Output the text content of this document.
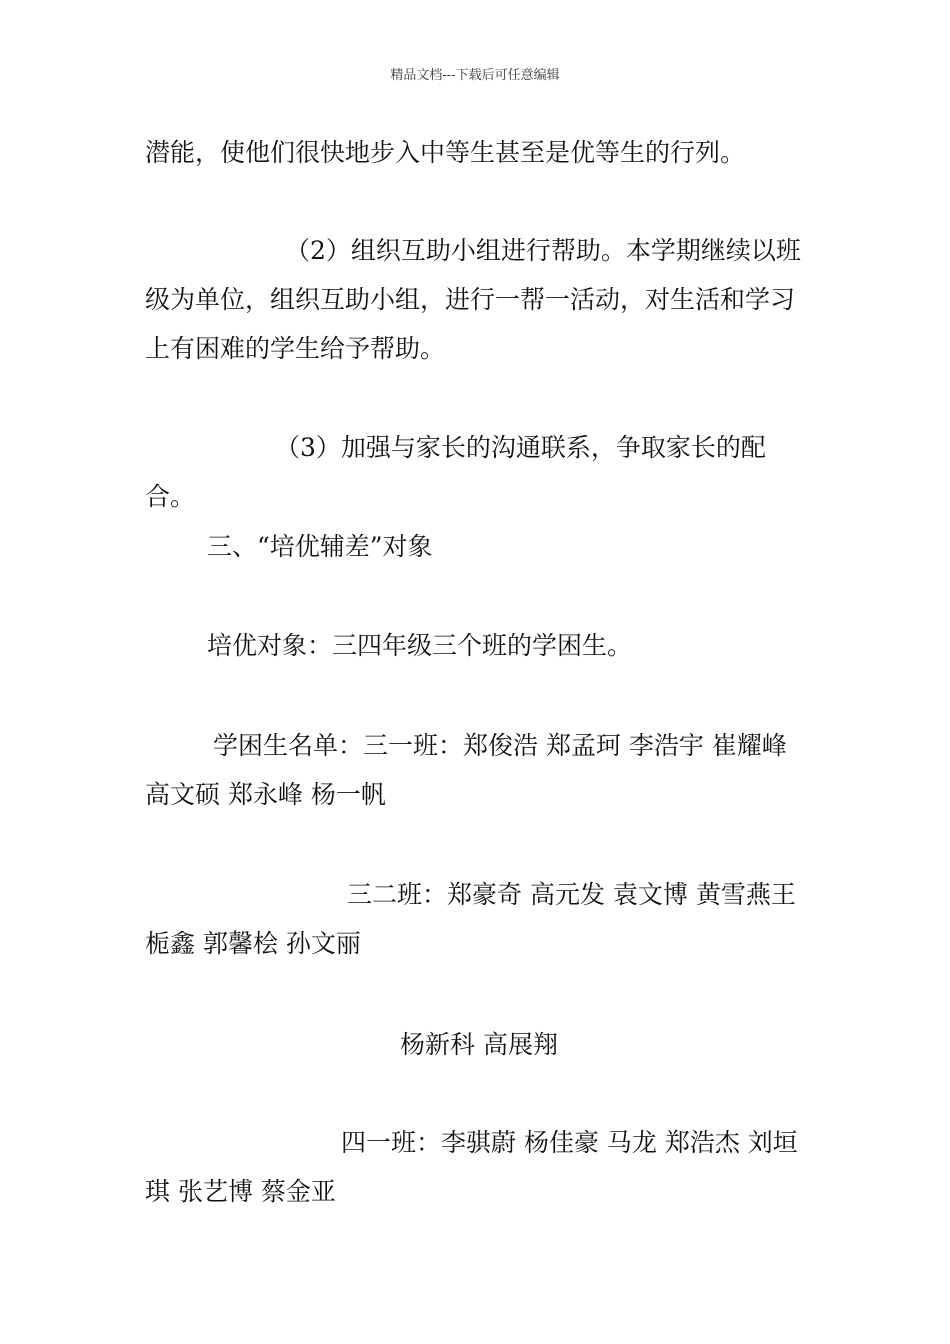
精品文档---下载后可任意编辑
潜能，使他们很快地步入中等生甚至是优等生的行列。
（2）组织互助小组进行帮助。本学期继续以班级为单位，组织互助小组，进行一帮一活动，对生活和学习上有困难的学生给予帮助。
（3）加强与家长的沟通联系，争取家长的配合。
三、“培优辅差”对象
培优对象：三四年级三个班的学困生。
学困生名单：三一班：郑俊浩 郑孟珂 李浩宇 崔耀峰 高文硕 郑永峰 杨一帆
三二班：郑豪奇 高元发 袁文博 黄雪燕王栀鑫 郭馨桧 孙文丽
杨新科 高展翔
四一班：李骐蔚 杨佳豪 马龙 郑浩杰 刘垣琪 张艺博 蔡金亚
